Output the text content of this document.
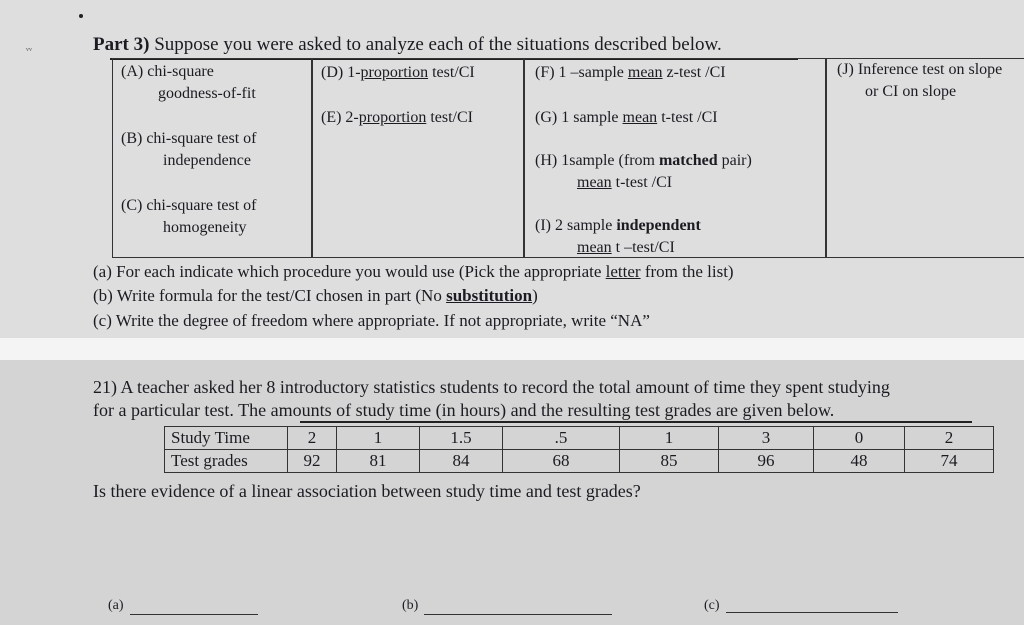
ᵥᵥ	Part 3) Suppose you were asked to analyze each of the situations described below.
(A) chi-square
goodness-of-fit
(B) chi-square test of
independence
(C) chi-square test of
homogeneity
(D) 1-proportion test/CI
(E) 2-proportion test/CI
(F) 1 –sample mean z-test /CI
(G) 1 sample mean t-test /CI
(H) 1sample (from matched pair)
mean t-test /CI
(I) 2 sample independent
mean t –test/CI
(J) Inference test on slope
or CI on slope
(a) For each indicate which procedure you would use (Pick the appropriate letter from the list)
(b) Write formula for the test/CI chosen in part (No substitution)
(c) Write the degree of freedom where appropriate. If not appropriate, write “NA”
21) A teacher asked her 8 introductory statistics students to record the total amount of time they spent studying
for a particular test. The amounts of study time (in hours) and the resulting test grades are given below.
Study Time	2	1	1.5	.5	1	3	0	2
Test grades	92	81	84	68	85	96	48	74
Is there evidence of a linear association between study time and test grades?
(a)	(b)	(c)
